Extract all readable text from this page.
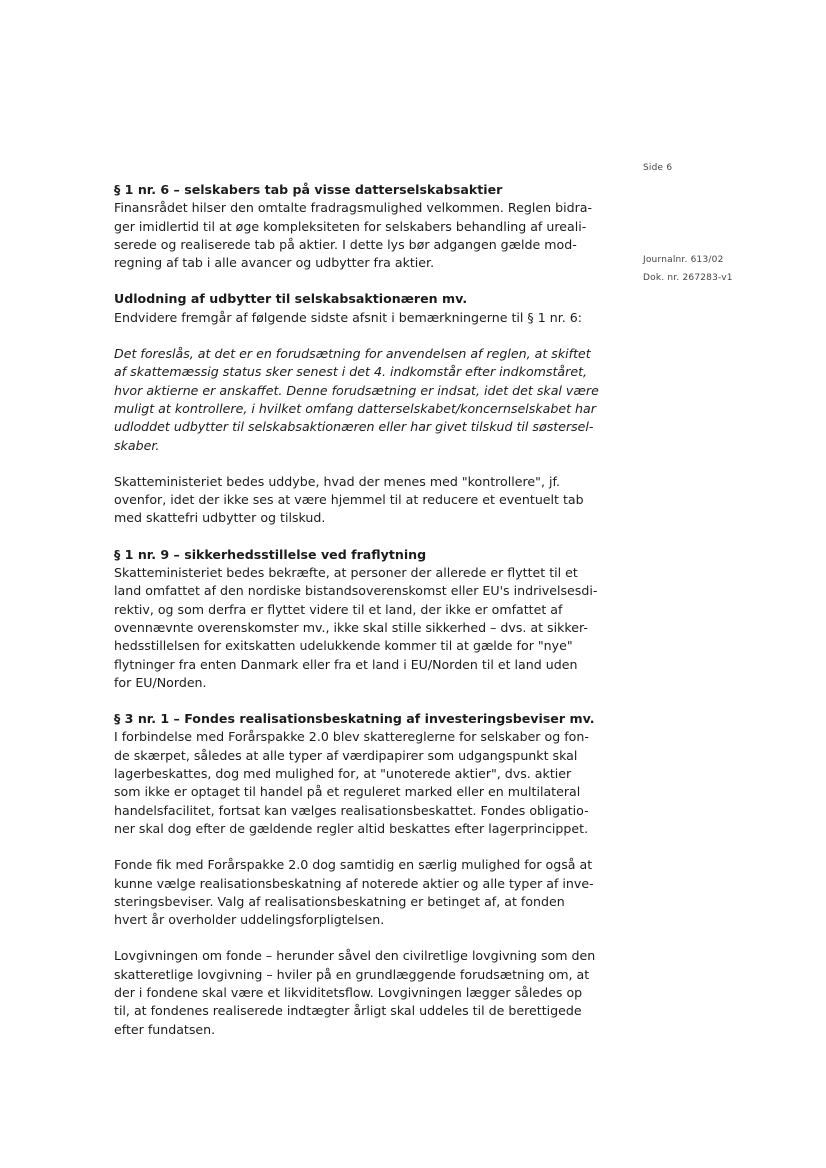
Side 6
Journalnr. 613/02
Dok. nr. 267283-v1
§ 1 nr. 6 – selskabers tab på visse datterselskabsaktier
Finansrådet hilser den omtalte fradragsmulighed velkommen. Reglen bidra-
ger imidlertid til at øge kompleksiteten for selskabers behandling af ureali-
serede og realiserede tab på aktier. I dette lys bør adgangen gælde mod-
regning af tab i alle avancer og udbytter fra aktier.
Udlodning af udbytter til selskabsaktionæren mv.
Endvidere fremgår af følgende sidste afsnit i bemærkningerne til § 1 nr. 6:
Det foreslås, at det er en forudsætning for anvendelsen af reglen, at skiftet
af skattemæssig status sker senest i det 4. indkomstår efter indkomståret,
hvor aktierne er anskaffet. Denne forudsætning er indsat, idet det skal være
muligt at kontrollere, i hvilket omfang datterselskabet/koncernselskabet har
udloddet udbytter til selskabsaktionæren eller har givet tilskud til søstersel-
skaber.
Skatteministeriet bedes uddybe, hvad der menes med "kontrollere", jf.
ovenfor, idet der ikke ses at være hjemmel til at reducere et eventuelt tab
med skattefri udbytter og tilskud.
§ 1 nr. 9 – sikkerhedsstillelse ved fraflytning
Skatteministeriet bedes bekræfte, at personer der allerede er flyttet til et
land omfattet af den nordiske bistandsoverenskomst eller EU's indrivelsesdi-
rektiv, og som derfra er flyttet videre til et land, der ikke er omfattet af
ovennævnte overenskomster mv., ikke skal stille sikkerhed – dvs. at sikker-
hedsstillelsen for exitskatten udelukkende kommer til at gælde for "nye"
flytninger fra enten Danmark eller fra et land i EU/Norden til et land uden
for EU/Norden.
§ 3 nr. 1 – Fondes realisationsbeskatning af investeringsbeviser mv.
I forbindelse med Forårspakke 2.0 blev skattereglerne for selskaber og fon-
de skærpet, således at alle typer af værdipapirer som udgangspunkt skal
lagerbeskattes, dog med mulighed for, at "unoterede aktier", dvs. aktier
som ikke er optaget til handel på et reguleret marked eller en multilateral
handelsfacilitet, fortsat kan vælges realisationsbeskattet. Fondes obligatio-
ner skal dog efter de gældende regler altid beskattes efter lagerprincippet.
Fonde fik med Forårspakke 2.0 dog samtidig en særlig mulighed for også at
kunne vælge realisationsbeskatning af noterede aktier og alle typer af inve-
steringsbeviser. Valg af realisationsbeskatning er betinget af, at fonden
hvert år overholder uddelingsforpligtelsen.
Lovgivningen om fonde – herunder såvel den civilretlige lovgivning som den
skatteretlige lovgivning – hviler på en grundlæggende forudsætning om, at
der i fondene skal være et likviditetsflow. Lovgivningen lægger således op
til, at fondenes realiserede indtægter årligt skal uddeles til de berettigede
efter fundatsen.
